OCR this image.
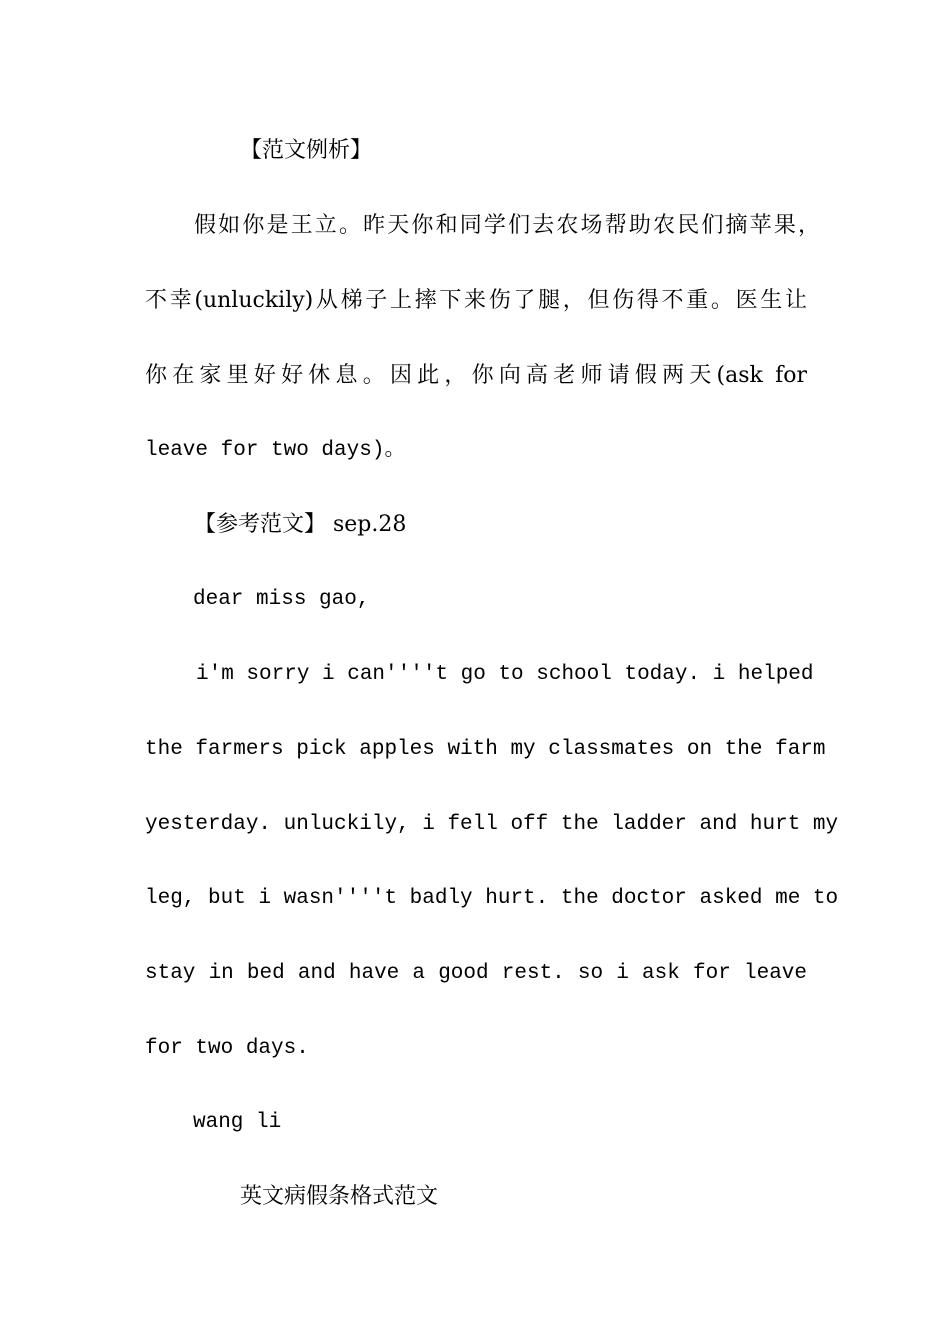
【范文例析】
假如你是王立。昨天你和同学们去农场帮助农民们摘苹果，
不幸(unluckily)从梯子上摔下来伤了腿，但伤得不重。医生让
你在家里好好休息。因此，你向高老师请假两天(ask for
leave for two days)。
【参考范文】 sep.28
dear miss gao,
i'm sorry i can''''t go to school today. i helped
the farmers pick apples with my classmates on the farm
yesterday. unluckily, i fell off the ladder and hurt my
leg, but i wasn''''t badly hurt. the doctor asked me to
stay in bed and have a good rest. so i ask for leave
for two days.
wang li
英文病假条格式范文
